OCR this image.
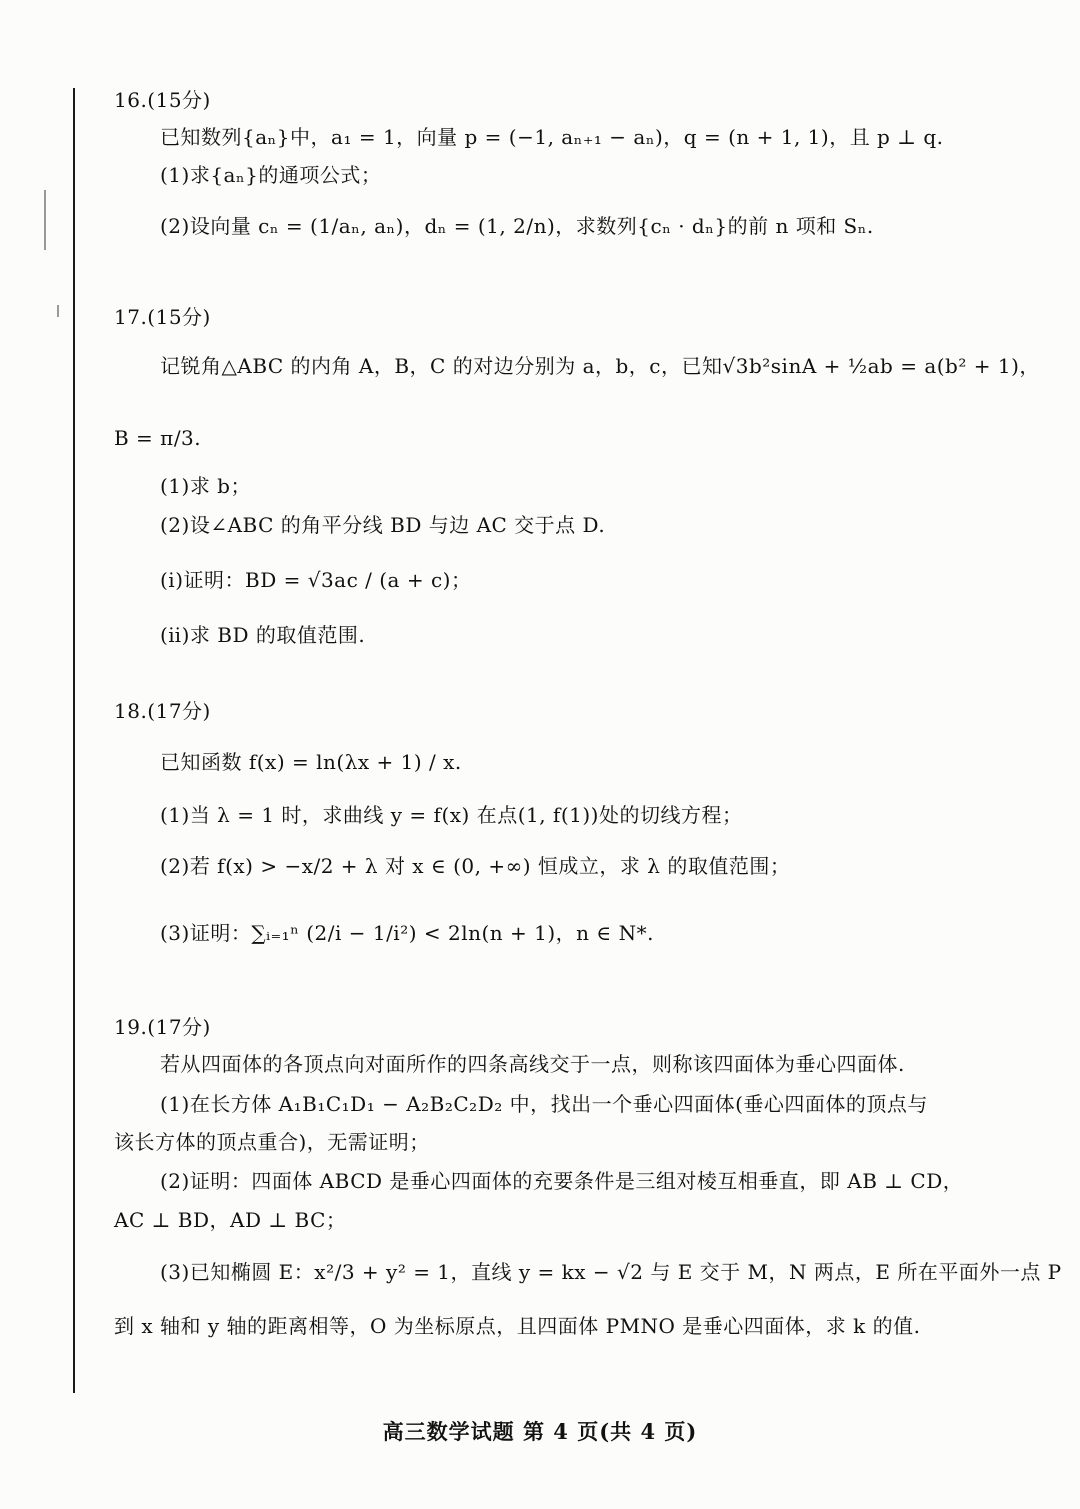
16.(15分)
已知数列{aₙ}中，a₁ = 1，向量 p = (−1, aₙ₊₁ − aₙ)，q = (n + 1, 1)，且 p ⊥ q.
(1)求{aₙ}的通项公式；
(2)设向量 cₙ = (1/aₙ, aₙ)，dₙ = (1, 2/n)，求数列{cₙ · dₙ}的前 n 项和 Sₙ.
17.(15分)
记锐角△ABC 的内角 A，B，C 的对边分别为 a，b，c，已知√3b²sinA + ½ab = a(b² + 1)，
B = π/3.
(1)求 b；
(2)设∠ABC 的角平分线 BD 与边 AC 交于点 D.
(ⅰ)证明：BD = √3ac / (a + c)；
(ⅱ)求 BD 的取值范围.
18.(17分)
已知函数 f(x) = ln(λx + 1) / x.
(1)当 λ = 1 时，求曲线 y = f(x) 在点(1, f(1))处的切线方程；
(2)若 f(x) > −x/2 + λ 对 x ∈ (0, +∞) 恒成立，求 λ 的取值范围；
(3)证明：∑ᵢ₌₁ⁿ (2/i − 1/i²) < 2ln(n + 1)，n ∈ N*.
19.(17分)
若从四面体的各顶点向对面所作的四条高线交于一点，则称该四面体为垂心四面体.
(1)在长方体 A₁B₁C₁D₁ − A₂B₂C₂D₂ 中，找出一个垂心四面体(垂心四面体的顶点与
该长方体的顶点重合)，无需证明；
(2)证明：四面体 ABCD 是垂心四面体的充要条件是三组对棱互相垂直，即 AB ⊥ CD，
AC ⊥ BD，AD ⊥ BC；
(3)已知椭圆 E：x²/3 + y² = 1，直线 y = kx − √2 与 E 交于 M，N 两点，E 所在平面外一点 P
到 x 轴和 y 轴的距离相等，O 为坐标原点，且四面体 PMNO 是垂心四面体，求 k 的值.
高三数学试题 第 4 页(共 4 页)
